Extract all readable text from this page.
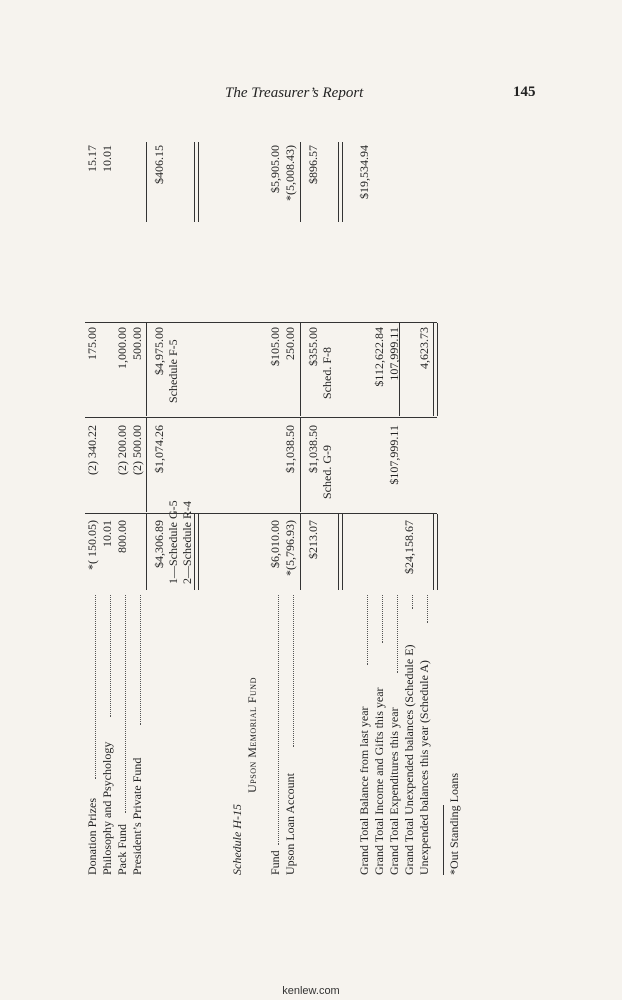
The Treasurer’s Report	145
Donation Prizes Philosophy and Psychology Pack Fund President’s Private Fund
*( 150.05) 10.01 800.00
(2) 340.22 (2) 200.00 (2) 500.00
175.00 1,000.00 500.00
15.17 10.01
$4,306.89
$1,074.26
$4,975.00
$406.15
1—Schedule G-5 2—Schedule R-4
Schedule F-5
Schedule H-15
Upson Memorial Fund
Fund Upson Loan Account
$6,010.00 *(5,796.93)
$1,038.50
$105.00 250.00
$5,905.00 *(5,008.43)
$213.07
$1,038.50
$355.00
$896.57
Sched. G-9
Sched. F-8
Grand Total Balance from last year Grand Total Income and Gifts this year Grand Total Expenditures this year Grand Total Unexpended balances (Schedule E) Unexpended balances this year (Schedule A)
$19,534.94
$112,622.84
$107,999.11
107,999.11
$24,158.67
4,623.73
*Out Standing Loans
kenlew.com
